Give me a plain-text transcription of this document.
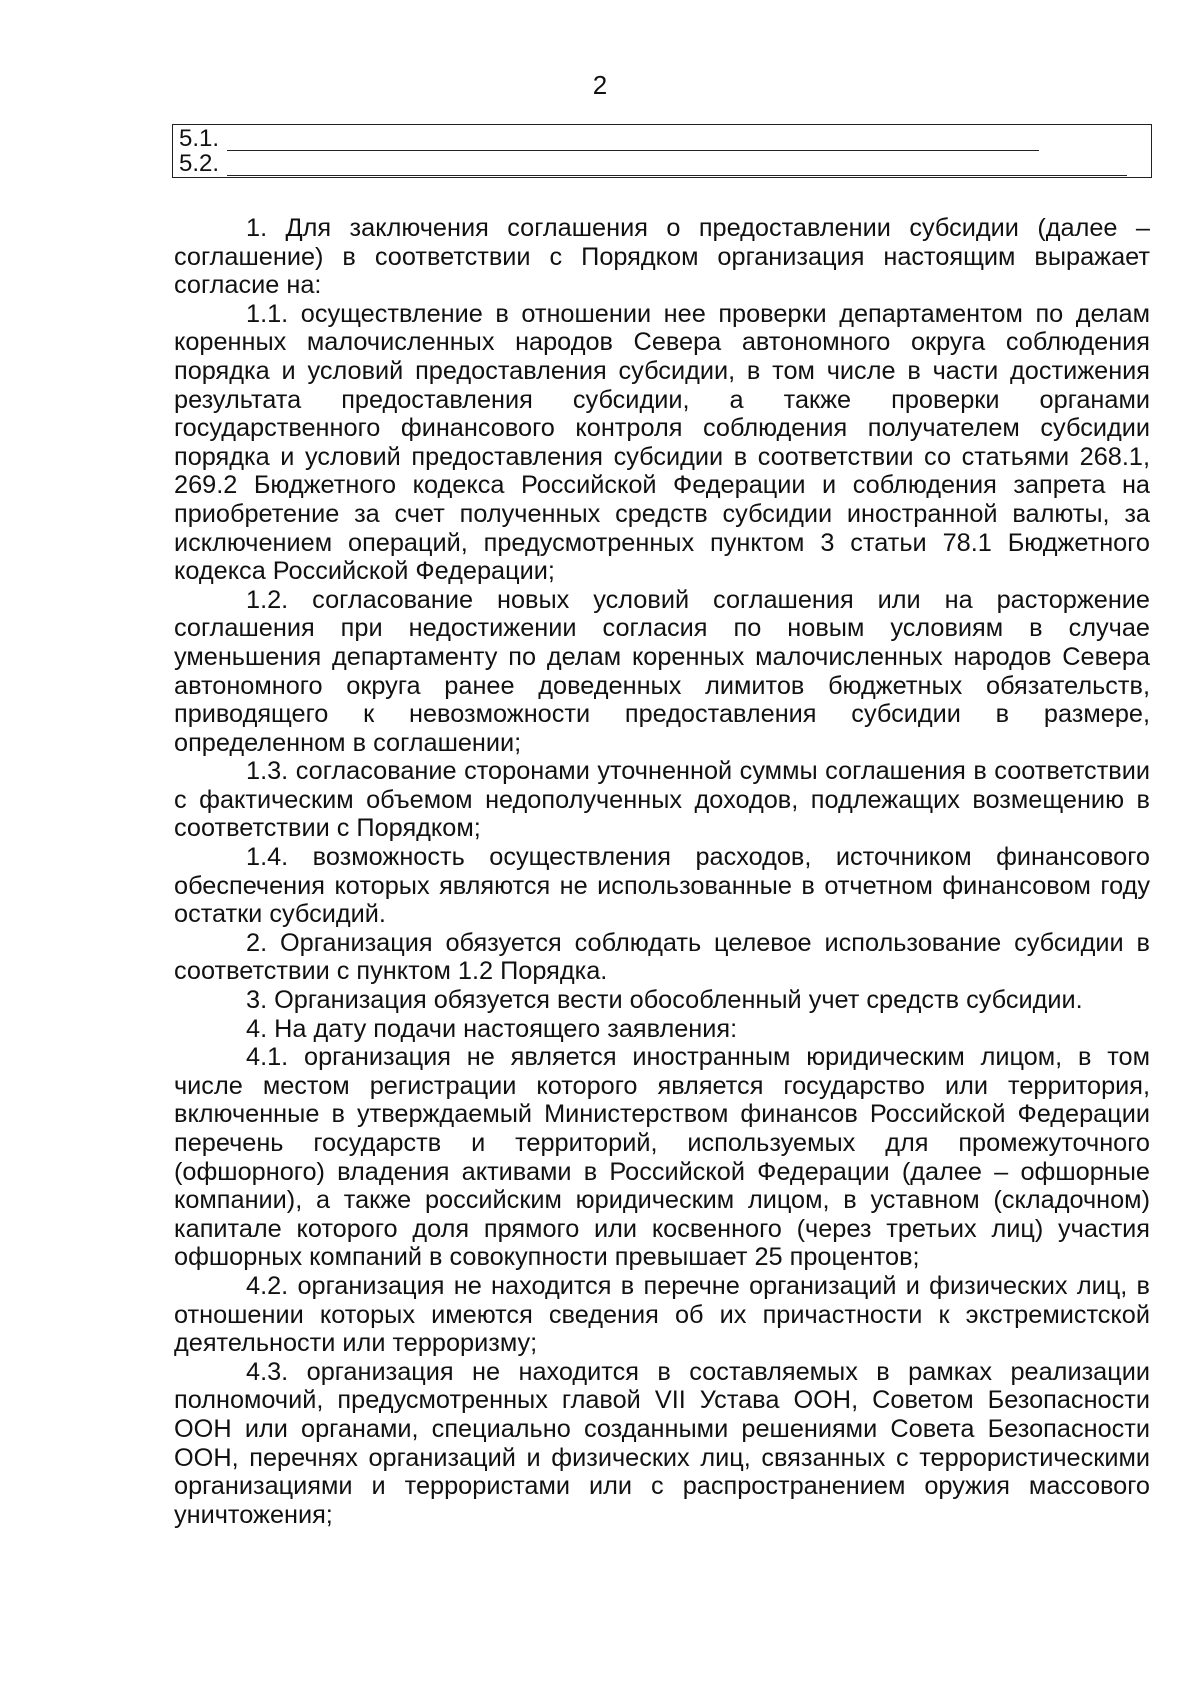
2
5.1.
5.2.

1. Для заключения соглашения о предоставлении субсидии (далее – соглашение) в соответствии с Порядком организация настоящим выражает согласие на:

1.1. осуществление в отношении нее проверки департаментом по делам коренных малочисленных народов Севера автономного округа соблюдения порядка и условий предоставления субсидии, в том числе в части достижения результата предоставления субсидии, а также проверки органами государственного финансового контроля соблюдения получателем субсидии порядка и условий предоставления субсидии в соответствии со статьями 268.1, 269.2 Бюджетного кодекса Российской Федерации и соблюдения запрета на приобретение за счет полученных средств субсидии иностранной валюты, за исключением операций, предусмотренных пунктом 3 статьи 78.1 Бюджетного кодекса Российской Федерации;

1.2. согласование новых условий соглашения или на расторжение соглашения при недостижении согласия по новым условиям в случае уменьшения департаменту по делам коренных малочисленных народов Севера автономного округа ранее доведенных лимитов бюджетных обязательств, приводящего к невозможности предоставления субсидии в размере, определенном в соглашении;

1.3. согласование сторонами уточненной суммы соглашения в соответствии с фактическим объемом недополученных доходов, подлежащих возмещению в соответствии с Порядком;

1.4. возможность осуществления расходов, источником финансового обеспечения которых являются не использованные в отчетном финансовом году остатки субсидий.

2. Организация обязуется соблюдать целевое использование субсидии в соответствии с пунктом 1.2 Порядка.

3. Организация обязуется вести обособленный учет средств субсидии.

4. На дату подачи настоящего заявления:

4.1. организация не является иностранным юридическим лицом, в том числе местом регистрации которого является государство или территория, включенные в утверждаемый Министерством финансов Российской Федерации перечень государств и территорий, используемых для промежуточного (офшорного) владения активами в Российской Федерации (далее – офшорные компании), а также российским юридическим лицом, в уставном (складочном) капитале которого доля прямого или косвенного (через третьих лиц) участия офшорных компаний в совокупности превышает 25 процентов;

4.2. организация не находится в перечне организаций и физических лиц, в отношении которых имеются сведения об их причастности к экстремистской деятельности или терроризму;

4.3. организация не находится в составляемых в рамках реализации полномочий, предусмотренных главой VII Устава ООН, Советом Безопасности ООН или органами, специально созданными решениями Совета Безопасности ООН, перечнях организаций и физических лиц, связанных с террористическими организациями и террористами или с распространением оружия массового уничтожения;
